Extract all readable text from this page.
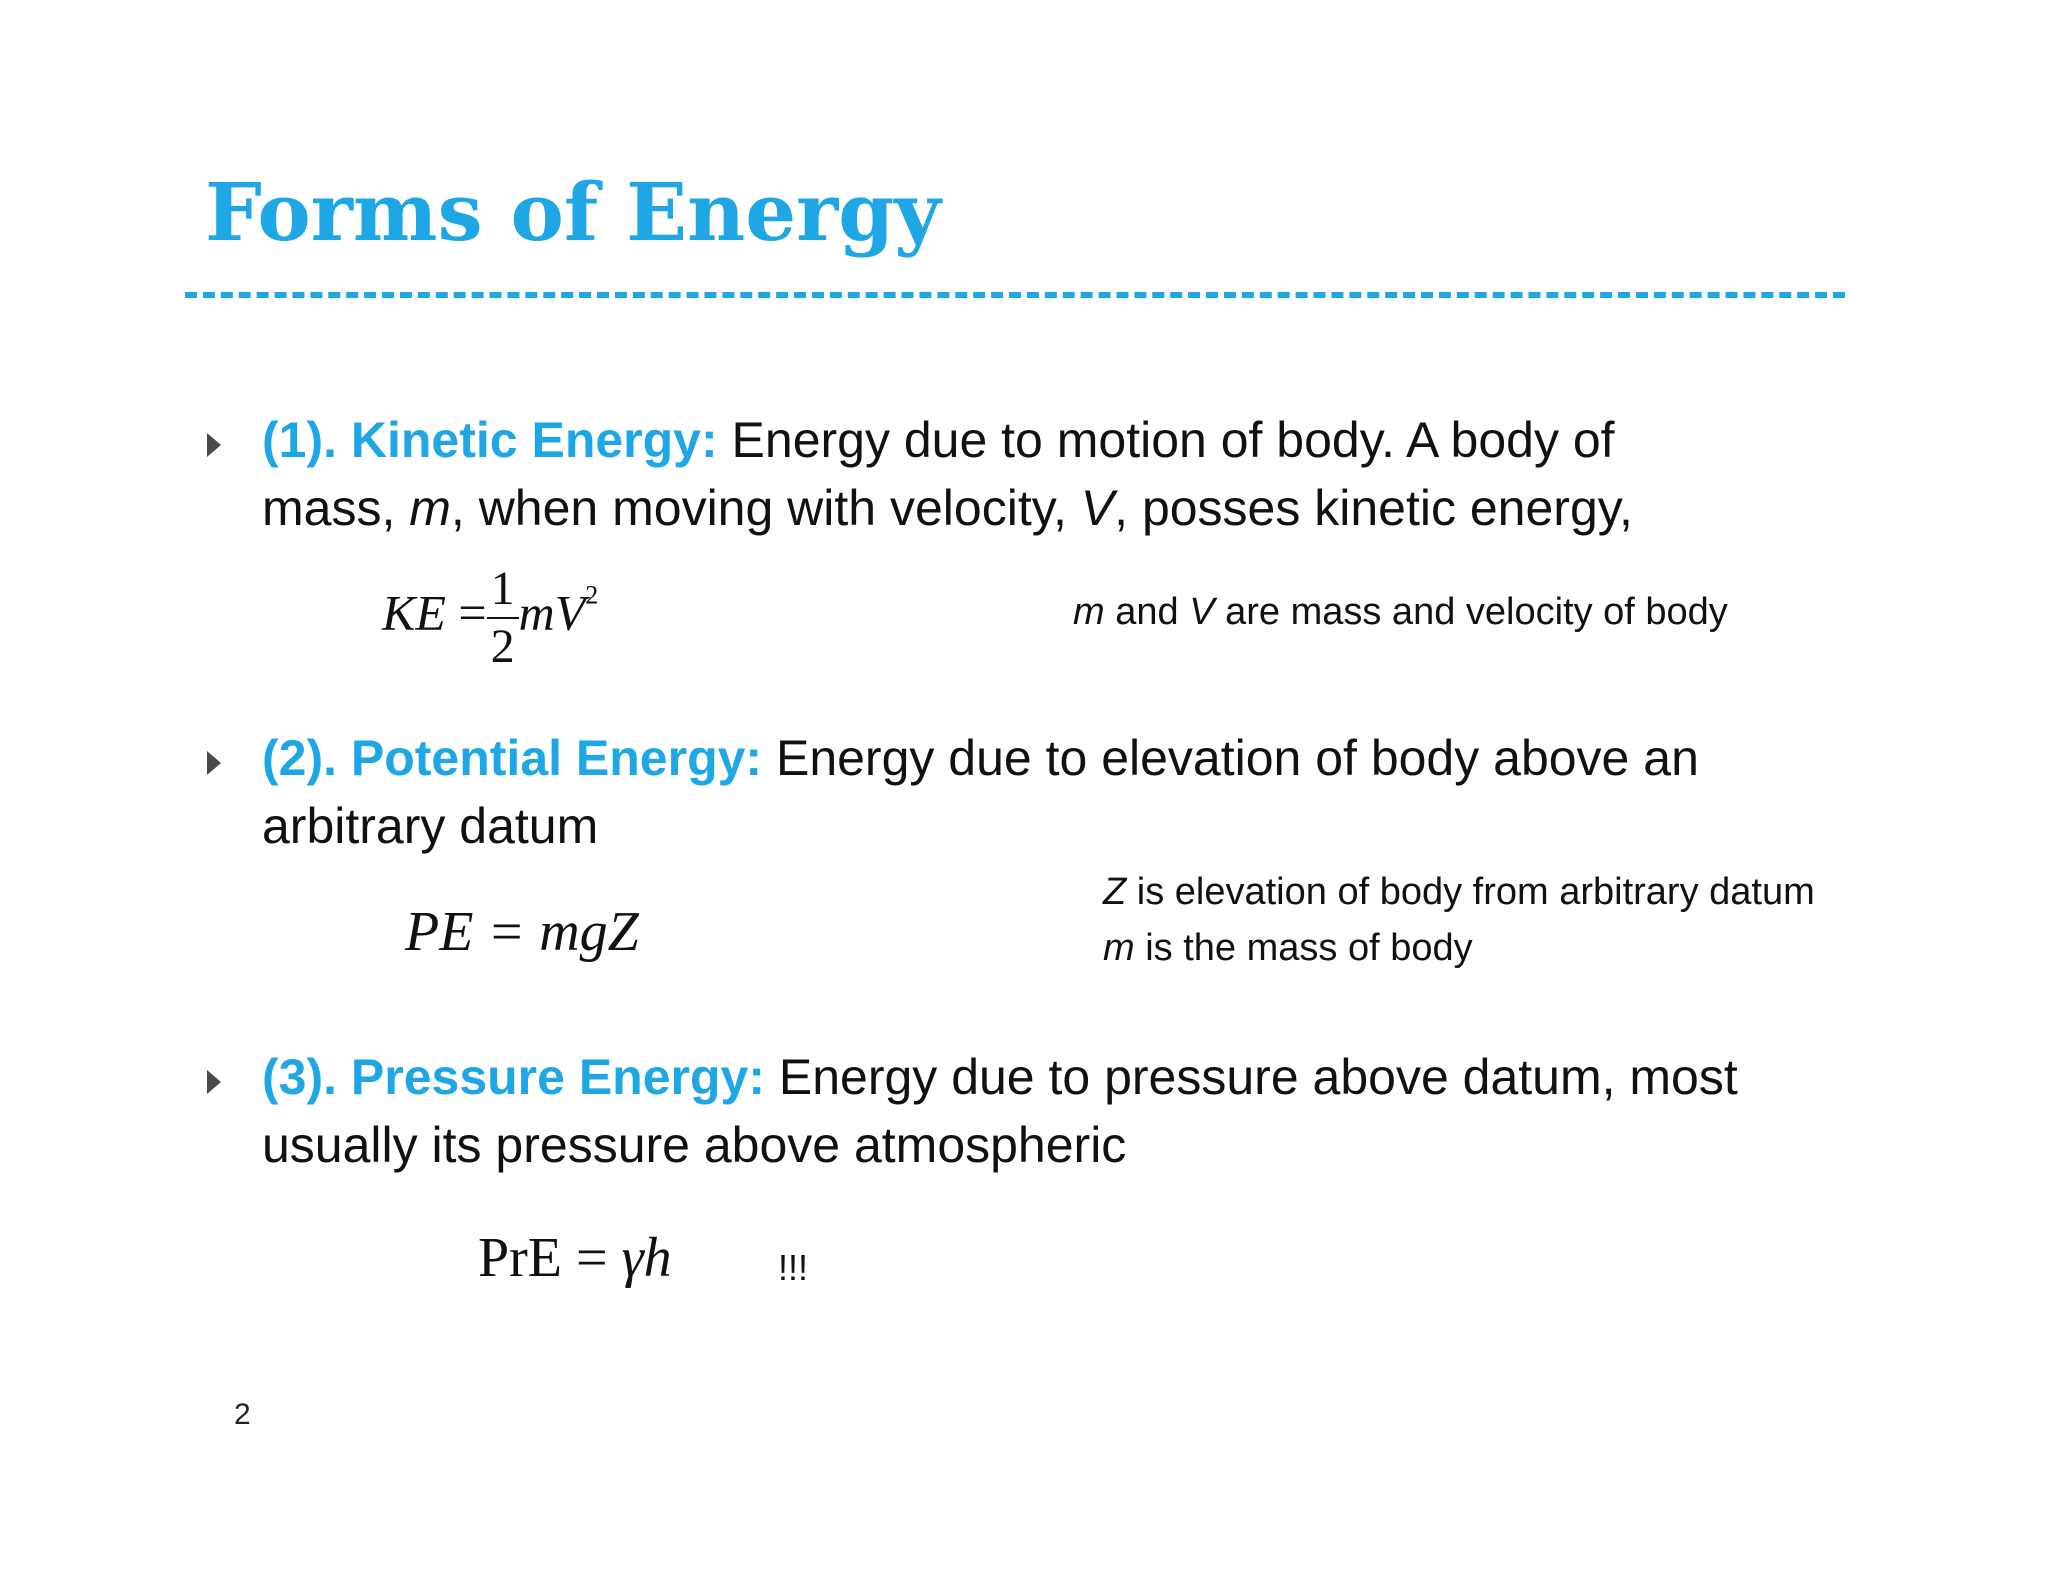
Forms of Energy
(1). Kinetic Energy: Energy due to motion of body. A body of
mass, m, when moving with velocity, V, posses kinetic energy,
KE = $\frac{1}{2} mV^2$	m and V are mass and velocity of body
(2). Potential Energy: Energy due to elevation of body above an
arbitrary datum
PE = mgZ
Z is elevation of body from arbitrary datum
m is the mass of body
(3). Pressure Energy: Energy due to pressure above datum, most
usually its pressure above atmospheric
PrE = γh	!!!
2
